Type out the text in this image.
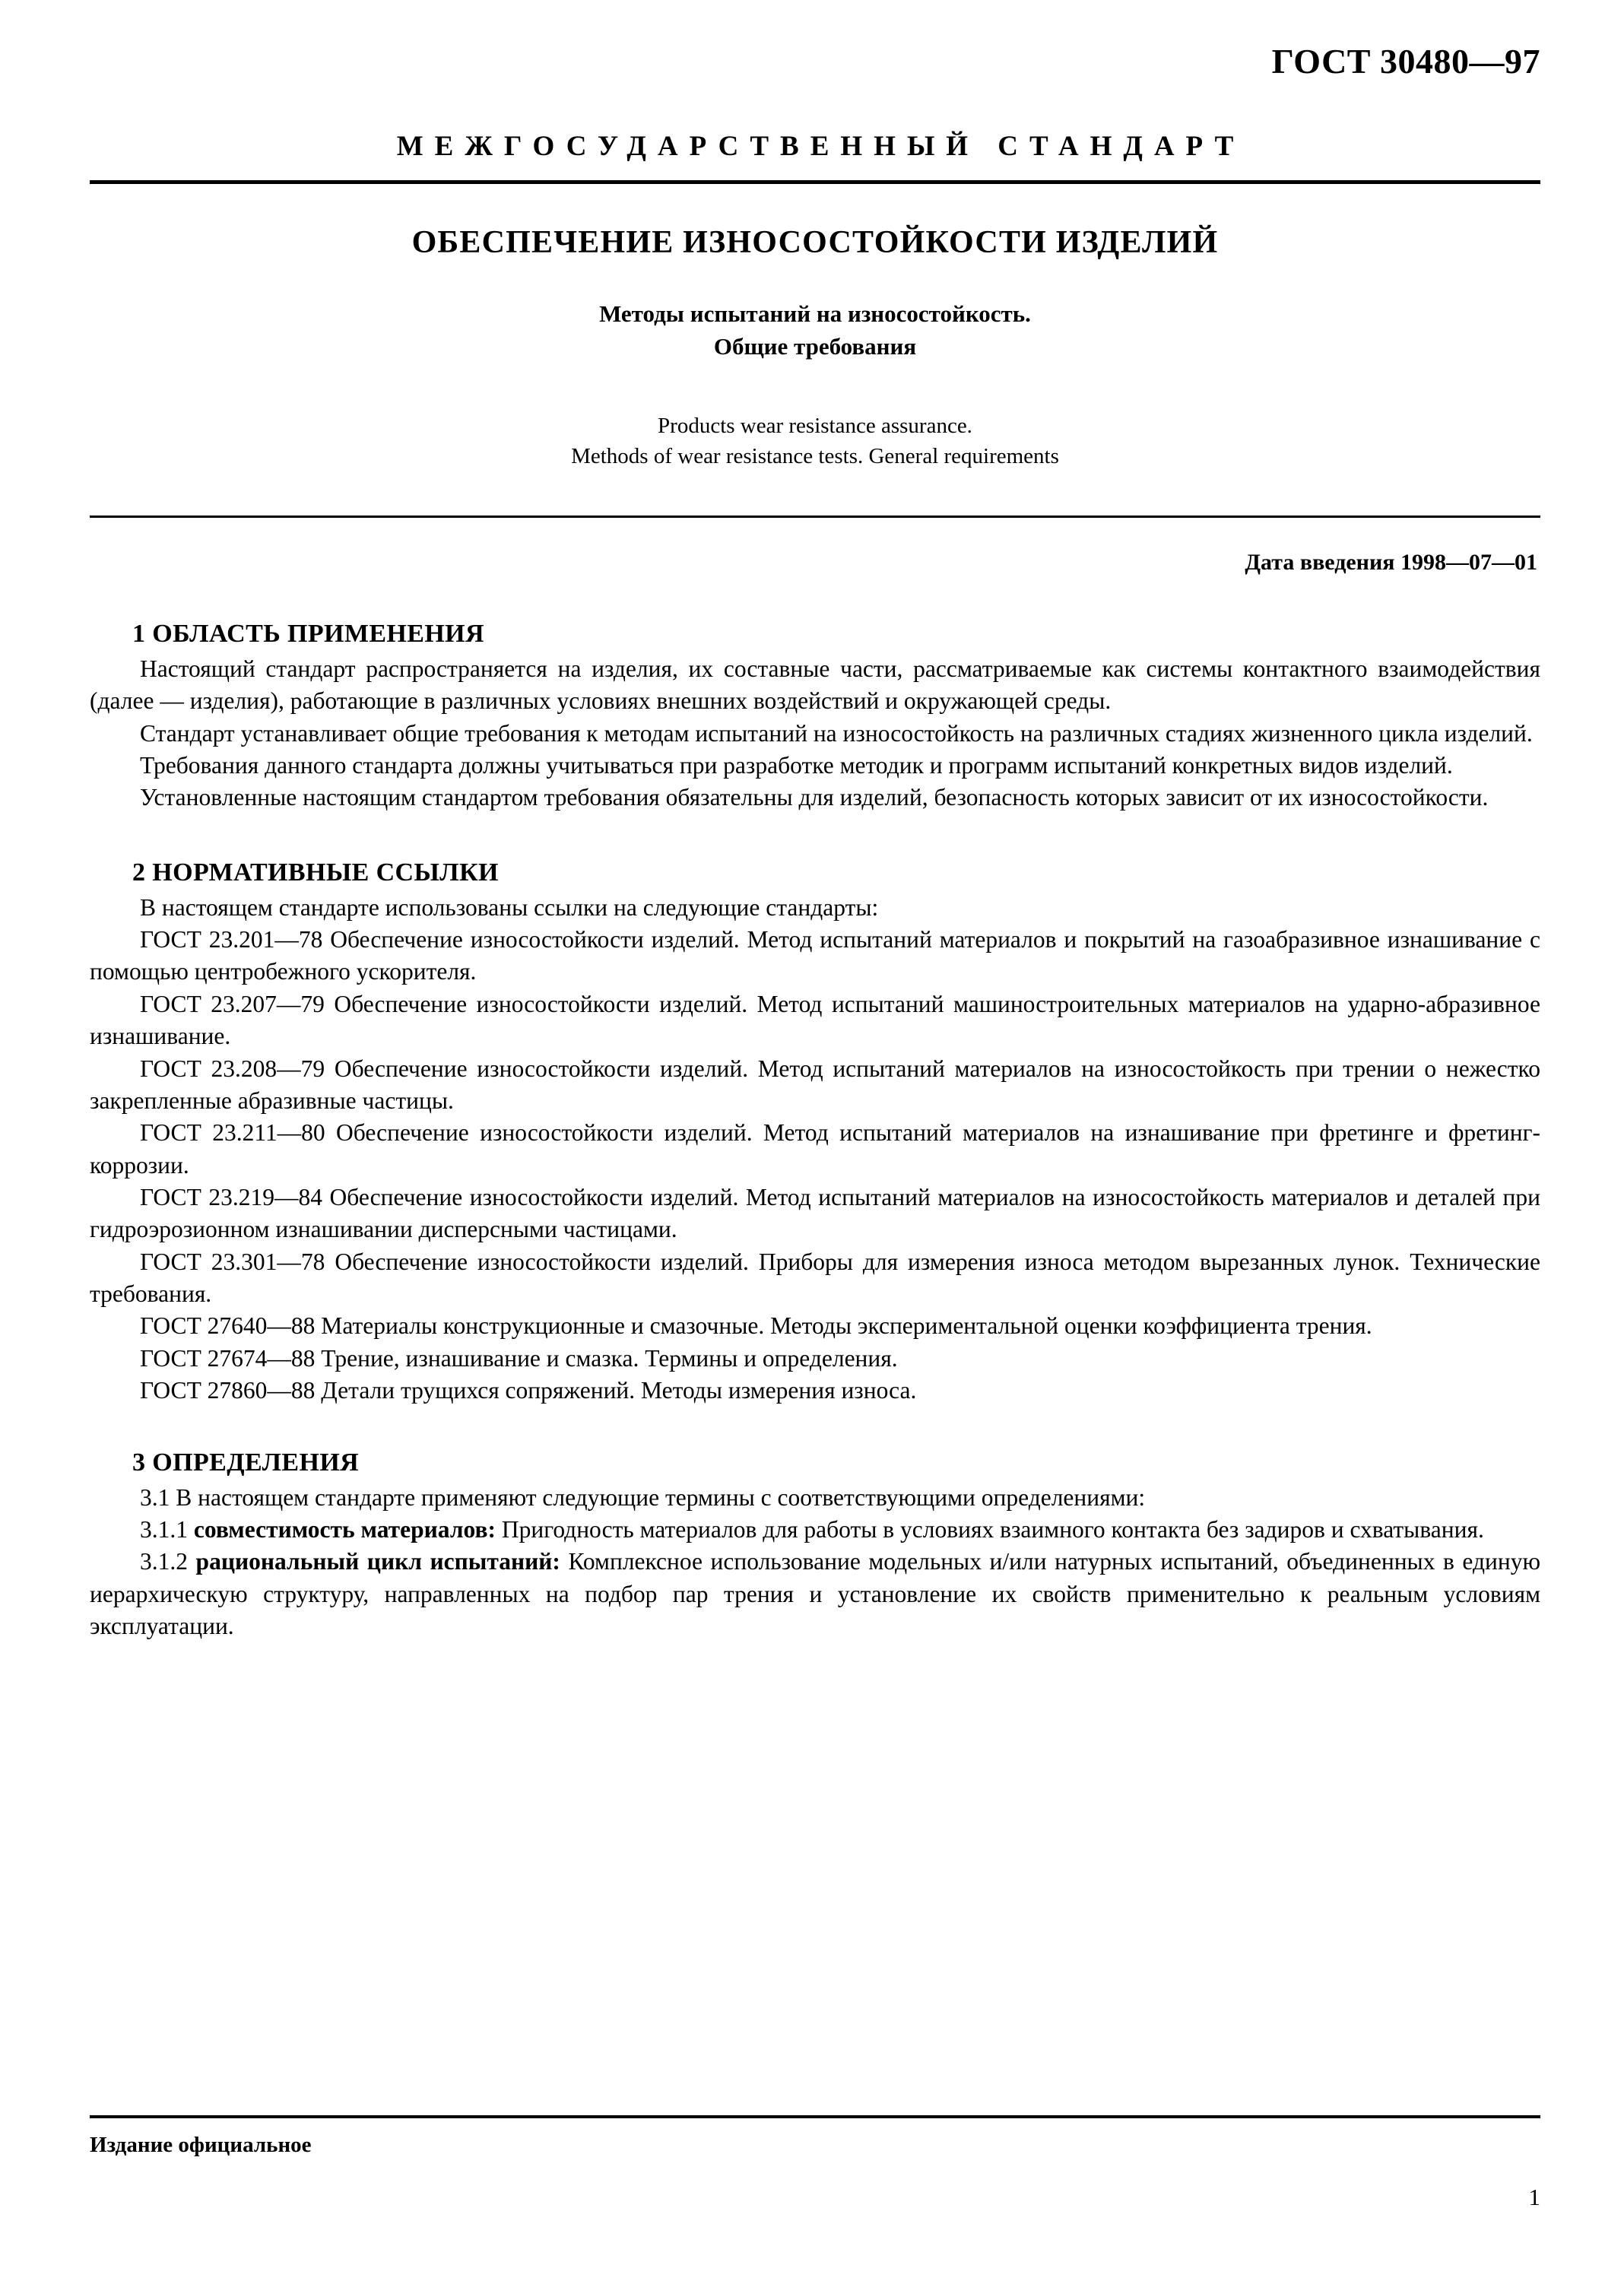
ГОСТ 30480—97
МЕЖГОСУДАРСТВЕННЫЙ СТАНДАРТ
ОБЕСПЕЧЕНИЕ ИЗНОСОСТОЙКОСТИ ИЗДЕЛИЙ
Методы испытаний на износостойкость.
Общие требования
Products wear resistance assurance.
Methods of wear resistance tests. General requirements
Дата введения 1998—07—01
1 ОБЛАСТЬ ПРИМЕНЕНИЯ

Настоящий стандарт распространяется на изделия, их составные части, рассматриваемые как системы контактного взаимодействия (далее — изделия), работающие в различных условиях внешних воздействий и окружающей среды.

Стандарт устанавливает общие требования к методам испытаний на износостойкость на различных стадиях жизненного цикла изделий.

Требования данного стандарта должны учитываться при разработке методик и программ испытаний конкретных видов изделий.

Установленные настоящим стандартом требования обязательны для изделий, безопасность которых зависит от их износостойкости.

2 НОРМАТИВНЫЕ ССЫЛКИ

В настоящем стандарте использованы ссылки на следующие стандарты:

ГОСТ 23.201—78 Обеспечение износостойкости изделий. Метод испытаний материалов и покрытий на газоабразивное изнашивание с помощью центробежного ускорителя.

ГОСТ 23.207—79 Обеспечение износостойкости изделий. Метод испытаний машиностроительных материалов на ударно-абразивное изнашивание.

ГОСТ 23.208—79 Обеспечение износостойкости изделий. Метод испытаний материалов на износостойкость при трении о нежестко закрепленные абразивные частицы.

ГОСТ 23.211—80 Обеспечение износостойкости изделий. Метод испытаний материалов на изнашивание при фретинге и фретинг-коррозии.

ГОСТ 23.219—84 Обеспечение износостойкости изделий. Метод испытаний материалов на износостойкость материалов и деталей при гидроэрозионном изнашивании дисперсными частицами.

ГОСТ 23.301—78 Обеспечение износостойкости изделий. Приборы для измерения износа методом вырезанных лунок. Технические требования.

ГОСТ 27640—88 Материалы конструкционные и смазочные. Методы экспериментальной оценки коэффициента трения.

ГОСТ 27674—88 Трение, изнашивание и смазка. Термины и определения.

ГОСТ 27860—88 Детали трущихся сопряжений. Методы измерения износа.

3 ОПРЕДЕЛЕНИЯ

3.1 В настоящем стандарте применяют следующие термины с соответствующими определениями:

3.1.1 совместимость материалов: Пригодность материалов для работы в условиях взаимного контакта без задиров и схватывания.

3.1.2 рациональный цикл испытаний: Комплексное использование модельных и/или натурных испытаний, объединенных в единую иерархическую структуру, направленных на подбор пар трения и установление их свойств применительно к реальным условиям эксплуатации.

Издание официальное
1
